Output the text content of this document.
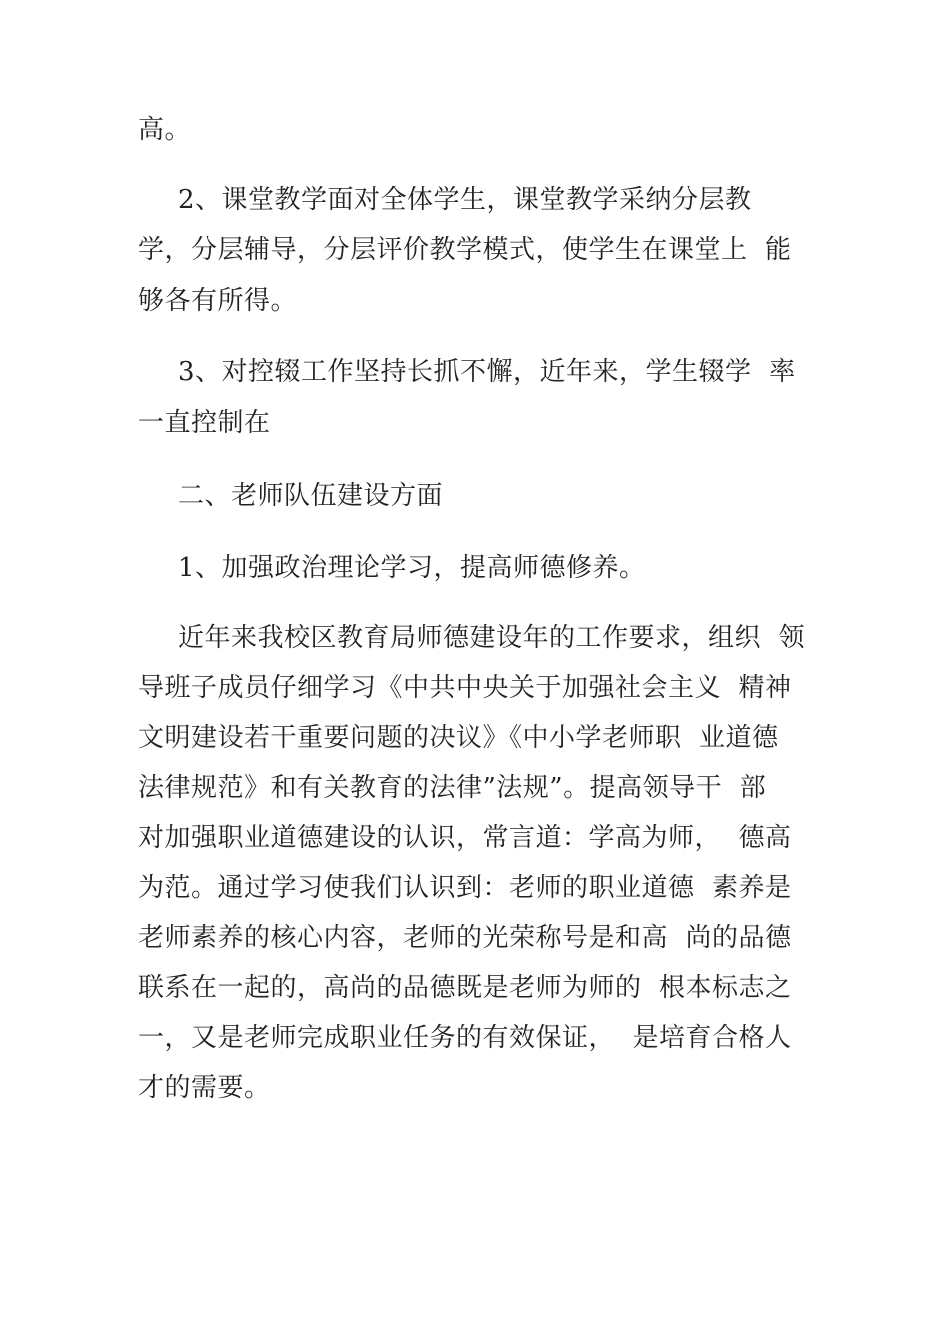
高。
2、课堂教学面对全体学生，课堂教学采纳分层教
学，分层辅导，分层评价教学模式，使学生在课堂上  能
够各有所得。
3、对控辍工作坚持长抓不懈，近年来，学生辍学  率
一直控制在
二、老师队伍建设方面
1、加强政治理论学习，提高师德修养。
近年来我校区教育局师德建设年的工作要求，组织  领
导班子成员仔细学习《中共中央关于加强社会主义  精神
文明建设若干重要问题的决议》《中小学老师职  业道德
法律规范》和有关教育的法律”法规”。提高领导干  部
对加强职业道德建设的认识，常言道：学高为师，  德高
为范。通过学习使我们认识到：老师的职业道德  素养是
老师素养的核心内容，老师的光荣称号是和高  尚的品德
联系在一起的，高尚的品德既是老师为师的  根本标志之
一，又是老师完成职业任务的有效保证，  是培育合格人
才的需要。
